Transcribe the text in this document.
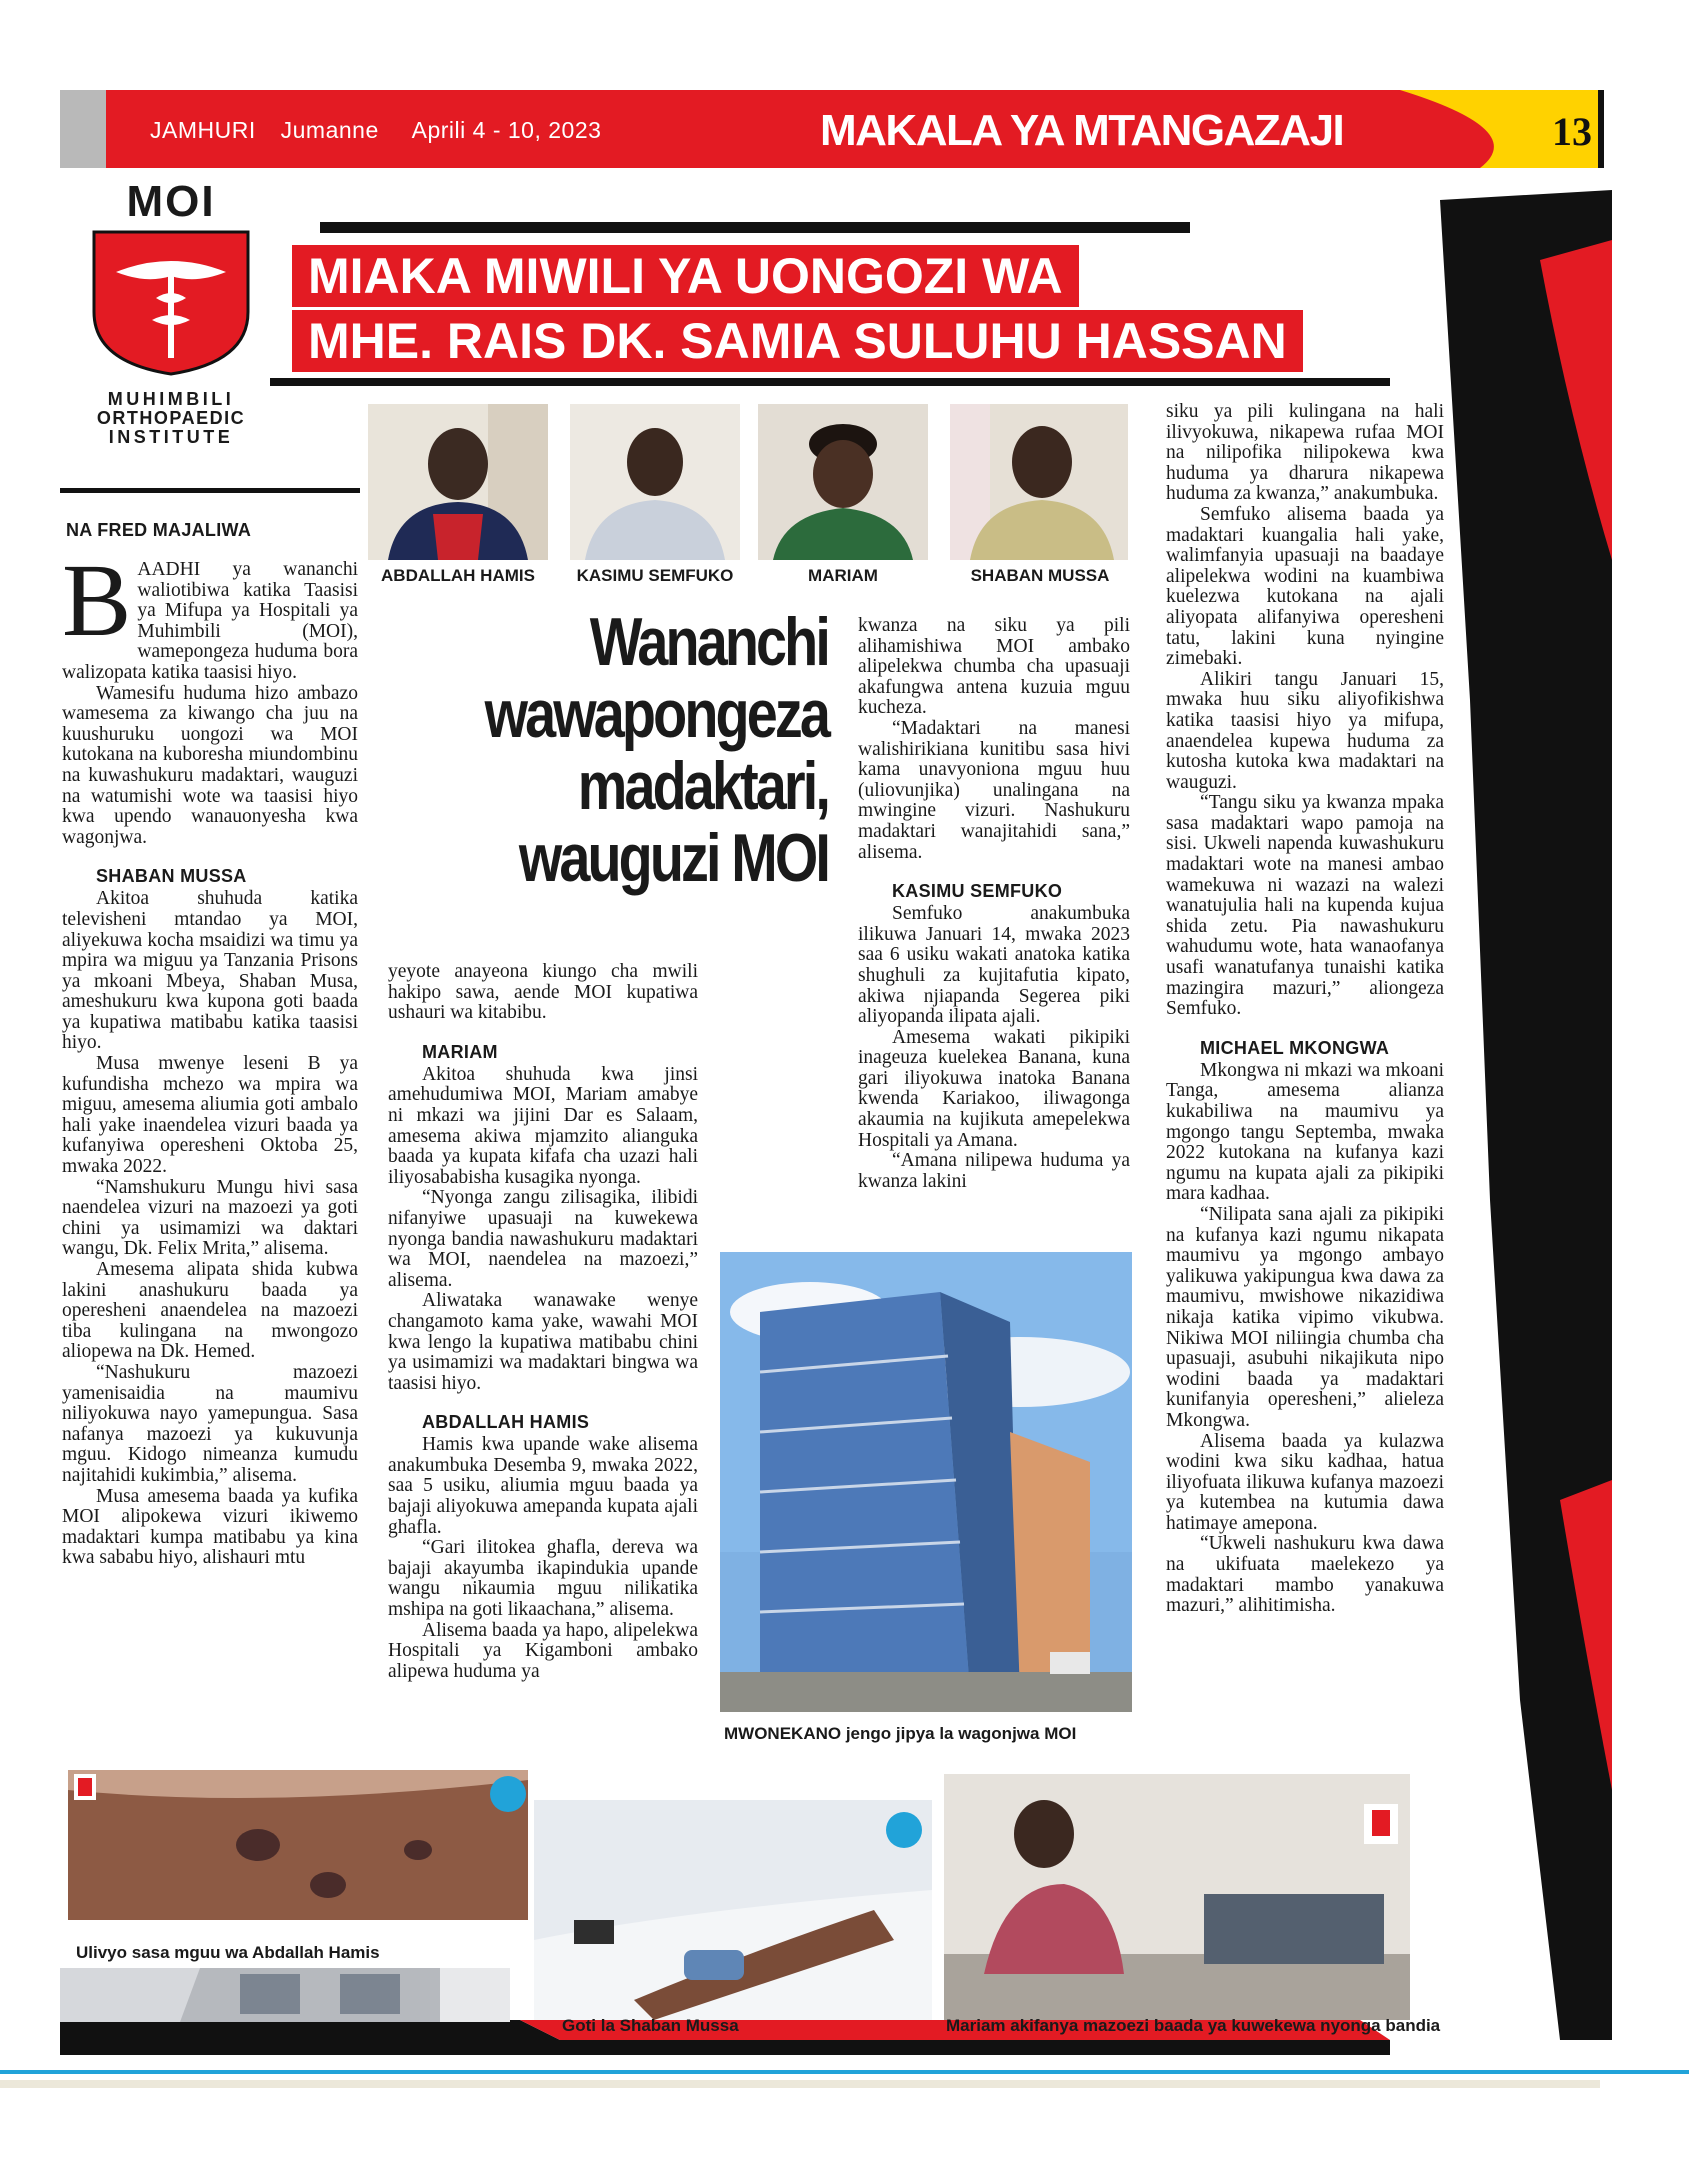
JAMHURI Jumanne Aprili 4 - 10, 2023	MAKALA YA MTANGAZAJI	13
MOI
MUHIMBILI
ORTHOPAEDIC
INSTITUTE
MIAKA MIWILI YA UONGOZI WA
MHE. RAIS DK. SAMIA SULUHU HASSAN
ABDALLAH HAMIS	KASIMU SEMFUKO	MARIAM	SHABAN MUSSA
Wananchi
wawapongeza
madaktari,
wauguzi MOI
NA FRED MAJALIWA
B AADHI ya wananchi waliotibiwa katika Taasisi ya Mifupa ya Hospitali ya Muhimbili (MOI), wamepongeza huduma bora walizopata katika taasisi hiyo.

Wamesifu huduma hizo ambazo wamesema za kiwango cha juu na kuushuruku uongozi wa MOI kutokana na kuboresha miundombinu na kuwashukuru madaktari, wauguzi na watumishi wote wa taasisi hiyo kwa upendo wanauonyesha kwa wagonjwa.

SHABAN MUSSA

Akitoa shuhuda katika televisheni mtandao ya MOI, aliyekuwa kocha msaidizi wa timu ya mpira wa miguu ya Tanzania Prisons ya mkoani Mbeya, Shaban Musa, ameshukuru kwa kupona goti baada ya kupatiwa matibabu katika taasisi hiyo.

Musa mwenye leseni B ya kufundisha mchezo wa mpira wa miguu, amesema aliumia goti ambalo hali yake inaendelea vizuri baada ya kufanyiwa operesheni Oktoba 25, mwaka 2022.

“Namshukuru Mungu hivi sasa naendelea vizuri na mazoezi ya goti chini ya usimamizi wa daktari wangu, Dk. Felix Mrita,” alisema.

Amesema alipata shida kubwa lakini anashukuru baada ya operesheni anaendelea na mazoezi tiba kulingana na mwongozo aliopewa na Dk. Hemed.

“Nashukuru mazoezi yamenisaidia na maumivu niliyokuwa nayo yamepungua. Sasa nafanya mazoezi ya kukuvunja mguu. Kidogo nimeanza kumudu najitahidi kukimbia,” alisema.

Musa amesema baada ya kufika MOI alipokewa vizuri ikiwemo madaktari kumpa matibabu ya kina kwa sababu hiyo, alishauri mtu

yeyote anayeona kiungo cha mwili hakipo sawa, aende MOI kupatiwa ushauri wa kitabibu.

MARIAM

Akitoa shuhuda kwa jinsi amehudumiwa MOI, Mariam amabye ni mkazi wa jijini Dar es Salaam, amesema akiwa mjamzito alianguka baada ya kupata kifafa cha uzazi hali iliyosababisha kusagika nyonga.

“Nyonga zangu zilisagika, ilibidi nifanyiwe upasuaji na kuwekewa nyonga bandia nawashukuru madaktari wa MOI, naendelea na mazoezi,” alisema.

Aliwataka wanawake wenye changamoto kama yake, wawahi MOI kwa lengo la kupatiwa matibabu chini ya usimamizi wa madaktari bingwa wa taasisi hiyo.

ABDALLAH HAMIS

Hamis kwa upande wake alisema anakumbuka Desemba 9, mwaka 2022, saa 5 usiku, aliumia mguu baada ya bajaji aliyokuwa amepanda kupata ajali ghafla.

“Gari ilitokea ghafla, dereva wa bajaji akayumba ikapindukia upande wangu nikaumia mguu nilikatika mshipa na goti likaachana,” alisema.

Alisema baada ya hapo, alipelekwa Hospitali ya Kigamboni ambako alipewa huduma ya

kwanza na siku ya pili alihamishiwa MOI ambako alipelekwa chumba cha upasuaji akafungwa antena kuzuia mguu kucheza.

“Madaktari na manesi walishirikiana kunitibu sasa hivi kama unavyoniona mguu huu (uliovunjika) unalingana na mwingine vizuri. Nashukuru madaktari wanajitahidi sana,” alisema.

KASIMU SEMFUKO

Semfuko anakumbuka ilikuwa Januari 14, mwaka 2023 saa 6 usiku wakati anatoka katika shughuli za kujitafutia kipato, akiwa njiapanda Segerea piki aliyopanda ilipata ajali.

Amesema wakati pikipiki inageuza kuelekea Banana, kuna gari iliyokuwa inatoka Banana kwenda Kariakoo, iliwagonga akaumia na kujikuta amepelekwa Hospitali ya Amana.

“Amana nilipewa huduma ya kwanza lakini

MWONEKANO jengo jipya la wagonjwa MOI

siku ya pili kulingana na hali ilivyokuwa, nikapewa rufaa MOI na nilipofika nilipokewa kwa huduma ya dharura nikapewa huduma za kwanza,” anakumbuka.

Semfuko alisema baada ya madaktari kuangalia hali yake, walimfanyia upasuaji na baadaye alipelekwa wodini na kuambiwa kuelezwa kutokana na ajali aliyopata alifanyiwa operesheni tatu, lakini kuna nyingine zimebaki.

Alikiri tangu Januari 15, mwaka huu siku aliyofikishwa katika taasisi hiyo ya mifupa, anaendelea kupewa huduma za kutosha kutoka kwa madaktari na wauguzi.

“Tangu siku ya kwanza mpaka sasa madaktari wapo pamoja na sisi. Ukweli napenda kuwashukuru madaktari wote na manesi ambao wamekuwa ni wazazi na walezi wanatujulia hali na kupenda kujua shida zetu. Pia nawashukuru wahudumu wote, hata wanaofanya usafi wanatufanya tunaishi katika mazingira mazuri,” aliongeza Semfuko.

MICHAEL MKONGWA

Mkongwa ni mkazi wa mkoani Tanga, amesema alianza kukabiliwa na maumivu ya mgongo tangu Septemba, mwaka 2022 kutokana na kufanya kazi ngumu na kupata ajali za pikipiki mara kadhaa.

“Nilipata sana ajali za pikipiki na kufanya kazi ngumu nikapata maumivu ya mgongo ambayo yalikuwa yakipungua kwa dawa za maumivu, mwishowe nikazidiwa nikaja katika vipimo vikubwa. Nikiwa MOI niliingia chumba cha upasuaji, asubuhi nikajikuta nipo wodini baada ya madaktari kunifanyia operesheni,” alieleza Mkongwa.

Alisema baada ya kulazwa wodini kwa siku kadhaa, hatua iliyofuata ilikuwa kufanya mazoezi ya kutembea na kutumia dawa hatimaye amepona.

“Ukweli nashukuru kwa dawa na ukifuata maelekezo ya madaktari mambo yanakuwa mazuri,” alihitimisha.

Ulivyo sasa mguu wa Abdallah Hamis
Goti la Shaban Mussa	Mariam akifanya mazoezi baada ya kuwekewa nyonga bandia
